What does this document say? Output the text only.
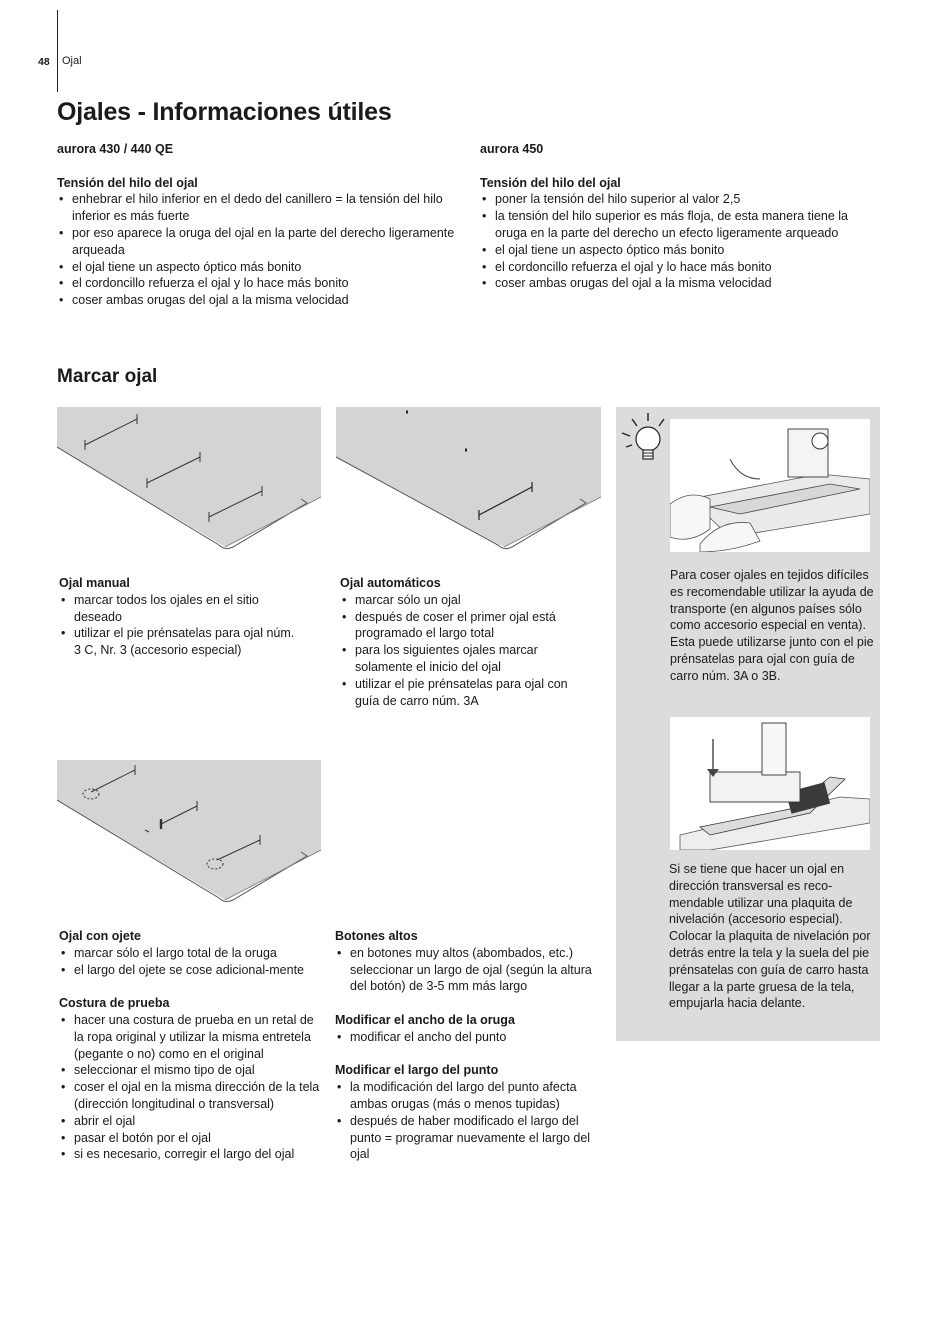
48 Ojal
Ojales - Informaciones útiles
aurora 430 / 440 QE
Tensión del hilo del ojal
• enhebrar el hilo inferior en el dedo del canillero = la tensión del hilo inferior es más fuerte
• por eso aparece la oruga del ojal en la parte del derecho ligeramente arqueada
• el ojal tiene un aspecto óptico más bonito
• el cordoncillo refuerza el ojal y lo hace más bonito
• coser ambas orugas del ojal a la misma velocidad
aurora 450
Tensión del hilo del ojal
• poner la tensión del hilo superior al valor 2,5
• la tensión del hilo superior es más floja, de esta manera tiene la oruga en la parte del derecho un efecto ligeramente arqueado
• el ojal tiene un aspecto óptico más bonito
• el cordoncillo refuerza el ojal y lo hace más bonito
• coser ambas orugas del ojal a la misma velocidad
Marcar ojal
Para coser ojales en tejidos difíciles es recomendable utilizar la ayuda de transporte (en algunos países sólo como accesorio especial en venta). Esta puede utilizarse junto con el pie prénsatelas para ojal con guía de carro núm. 3A o 3B.
Si se tiene que hacer un ojal en dirección transversal es reco-mendable utilizar una plaquita de nivelación (accesorio especial). Colocar la plaquita de nivelación por detrás entre la tela y la suela del pie prénsatelas con guía de carro hasta llegar a la parte gruesa de la tela, empujarla hacia delante.
Ojal manual
• marcar todos los ojales en el sitio deseado
• utilizar el pie prénsatelas para ojal núm. 3 C, Nr. 3 (accesorio especial)
Ojal automáticos
• marcar sólo un ojal
• después de coser el primer ojal está programado el largo total
• para los siguientes ojales marcar solamente el inicio del ojal
• utilizar el pie prénsatelas para ojal con guía de carro núm. 3A
Ojal con ojete
• marcar sólo el largo total de la oruga
• el largo del ojete se cose adicional-mente
Costura de prueba
• hacer una costura de prueba en un retal de la ropa original y utilizar la misma entretela (pegante o no) como en el original
• seleccionar el mismo tipo de ojal
• coser el ojal en la misma dirección de la tela (dirección longitudinal o transversal)
• abrir el ojal
• pasar el botón por el ojal
• si es necesario, corregir el largo del ojal
Botones altos
• en botones muy altos (abombados, etc.) seleccionar un largo de ojal (según la altura del botón) de 3-5 mm más largo
Modificar el ancho de la oruga
• modificar el ancho del punto
Modificar el largo del punto
• la modificación del largo del punto afecta ambas orugas (más o menos tupidas)
• después de haber modificado el largo del punto = programar nuevamente el largo del ojal
